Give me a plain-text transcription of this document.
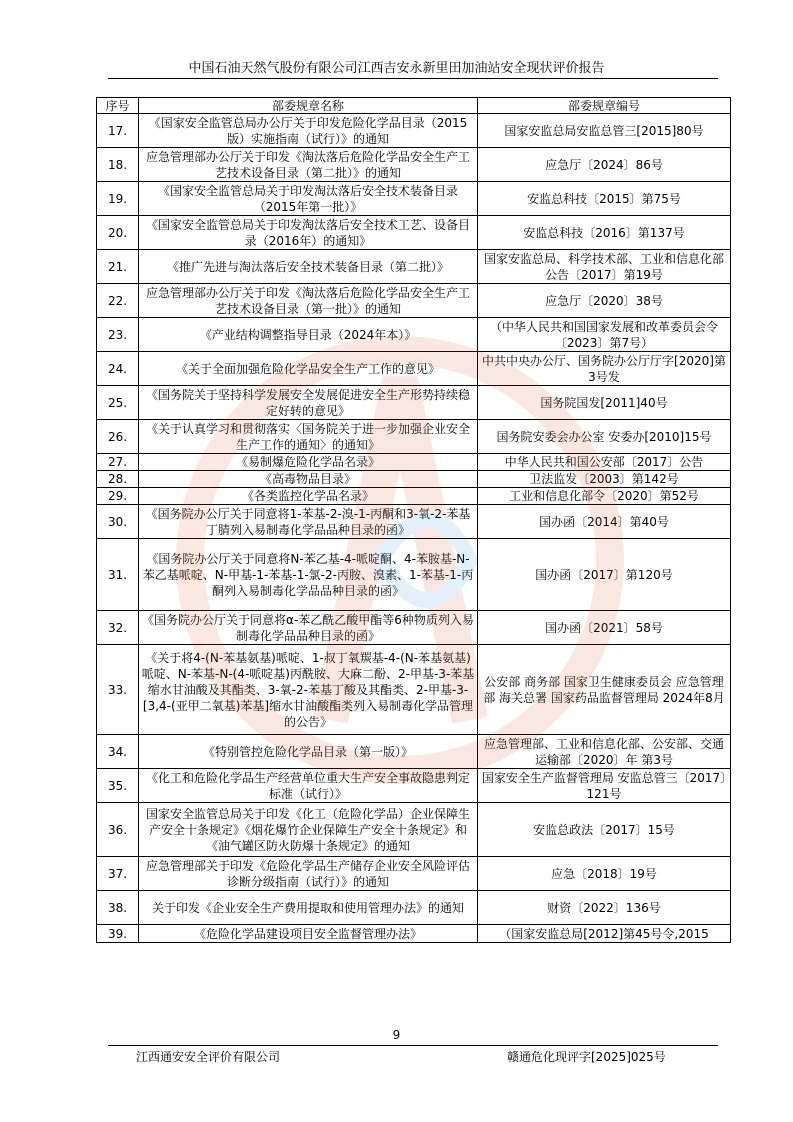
中国石油天然气股份有限公司江西吉安永新里田加油站安全现状评价报告
序号	部委规章名称	部委规章编号
17.	《国家安全监管总局办公厅关于印发危险化学品目录（2015版）实施指南（试行）》的通知	国家安监总局安监总管三[2015]80号
18.	应急管理部办公厅关于印发《淘汰落后危险化学品安全生产工艺技术设备目录（第二批）》的通知	应急厅〔2024〕86号
19.	《国家安全监管总局关于印发淘汰落后安全技术装备目录（2015年第一批）》	安监总科技〔2015〕第75号
20.	《国家安全监管总局关于印发淘汰落后安全技术工艺、设备目录（2016年）的通知》	安监总科技〔2016〕第137号
21.	《推广先进与淘汰落后安全技术装备目录（第二批）》	国家安监总局、科学技术部、工业和信息化部公告〔2017〕第19号
22.	应急管理部办公厅关于印发《淘汰落后危险化学品安全生产工艺技术设备目录（第一批）》的通知	应急厅〔2020〕38号
23.	《产业结构调整指导目录（2024年本）》	（中华人民共和国国家发展和改革委员会令〔2023〕第7号）
24.	《关于全面加强危险化学品安全生产工作的意见》	中共中央办公厅、国务院办公厅厅字[2020]第3号发
25.	《国务院关于坚持科学发展安全发展促进安全生产形势持续稳定好转的意见》	国务院国发[2011]40号
26.	《关于认真学习和贯彻落实〈国务院关于进一步加强企业安全生产工作的通知〉的通知》	国务院安委会办公室 安委办[2010]15号
27.	《易制爆危险化学品名录》	中华人民共和国公安部〔2017〕公告
28.	《高毒物品目录》	卫法监发〔2003〕第142号
29.	《各类监控化学品名录》	工业和信息化部令〔2020〕第52号
30.	《国务院办公厅关于同意将1-苯基-2-溴-1-丙酮和3-氧-2-苯基丁腈列入易制毒化学品品种目录的函》	国办函〔2014〕第40号
31.	《国务院办公厅关于同意将N-苯乙基-4-哌啶酮、4-苯胺基-N-苯乙基哌啶、N-甲基-1-苯基-1-氯-2-丙胺、溴素、1-苯基-1-丙酮列入易制毒化学品品种目录的函》	国办函〔2017〕第120号
32.	《国务院办公厅关于同意将α-苯乙酰乙酸甲酯等6种物质列入易制毒化学品品种目录的函》	国办函〔2021〕58号
33.	《关于将4-(N-苯基氨基)哌啶、1-叔丁氧羰基-4-(N-苯基氨基)哌啶、N-苯基-N-(4-哌啶基)丙酰胺、大麻二酚、2-甲基-3-苯基缩水甘油酸及其酯类、3-氧-2-苯基丁酸及其酯类、2-甲基-3-[3,4-(亚甲二氧基)苯基]缩水甘油酸酯类列入易制毒化学品管理的公告》	公安部 商务部 国家卫生健康委员会 应急管理部 海关总署 国家药品监督管理局 2024年8月
34.	《特别管控危险化学品目录（第一版）》	应急管理部、工业和信息化部、公安部、交通运输部〔2020〕年 第3号
35.	《化工和危险化学品生产经营单位重大生产安全事故隐患判定标准（试行）》	国家安全生产监督管理局 安监总管三〔2017〕121号
36.	国家安全监管总局关于印发《化工（危险化学品）企业保障生产安全十条规定》《烟花爆竹企业保障生产安全十条规定》和《油气罐区防火防爆十条规定》的通知	安监总政法〔2017〕15号
37.	应急管理部关于印发《危险化学品生产储存企业安全风险评估诊断分级指南（试行）》的通知	应急〔2018〕19号
38.	关于印发《企业安全生产费用提取和使用管理办法》的通知	财资〔2022〕136号
39.	《危险化学品建设项目安全监督管理办法》	（国家安监总局[2012]第45号令,2015
9
江西通安安全评价有限公司	赣通危化现评字[2025]025号
